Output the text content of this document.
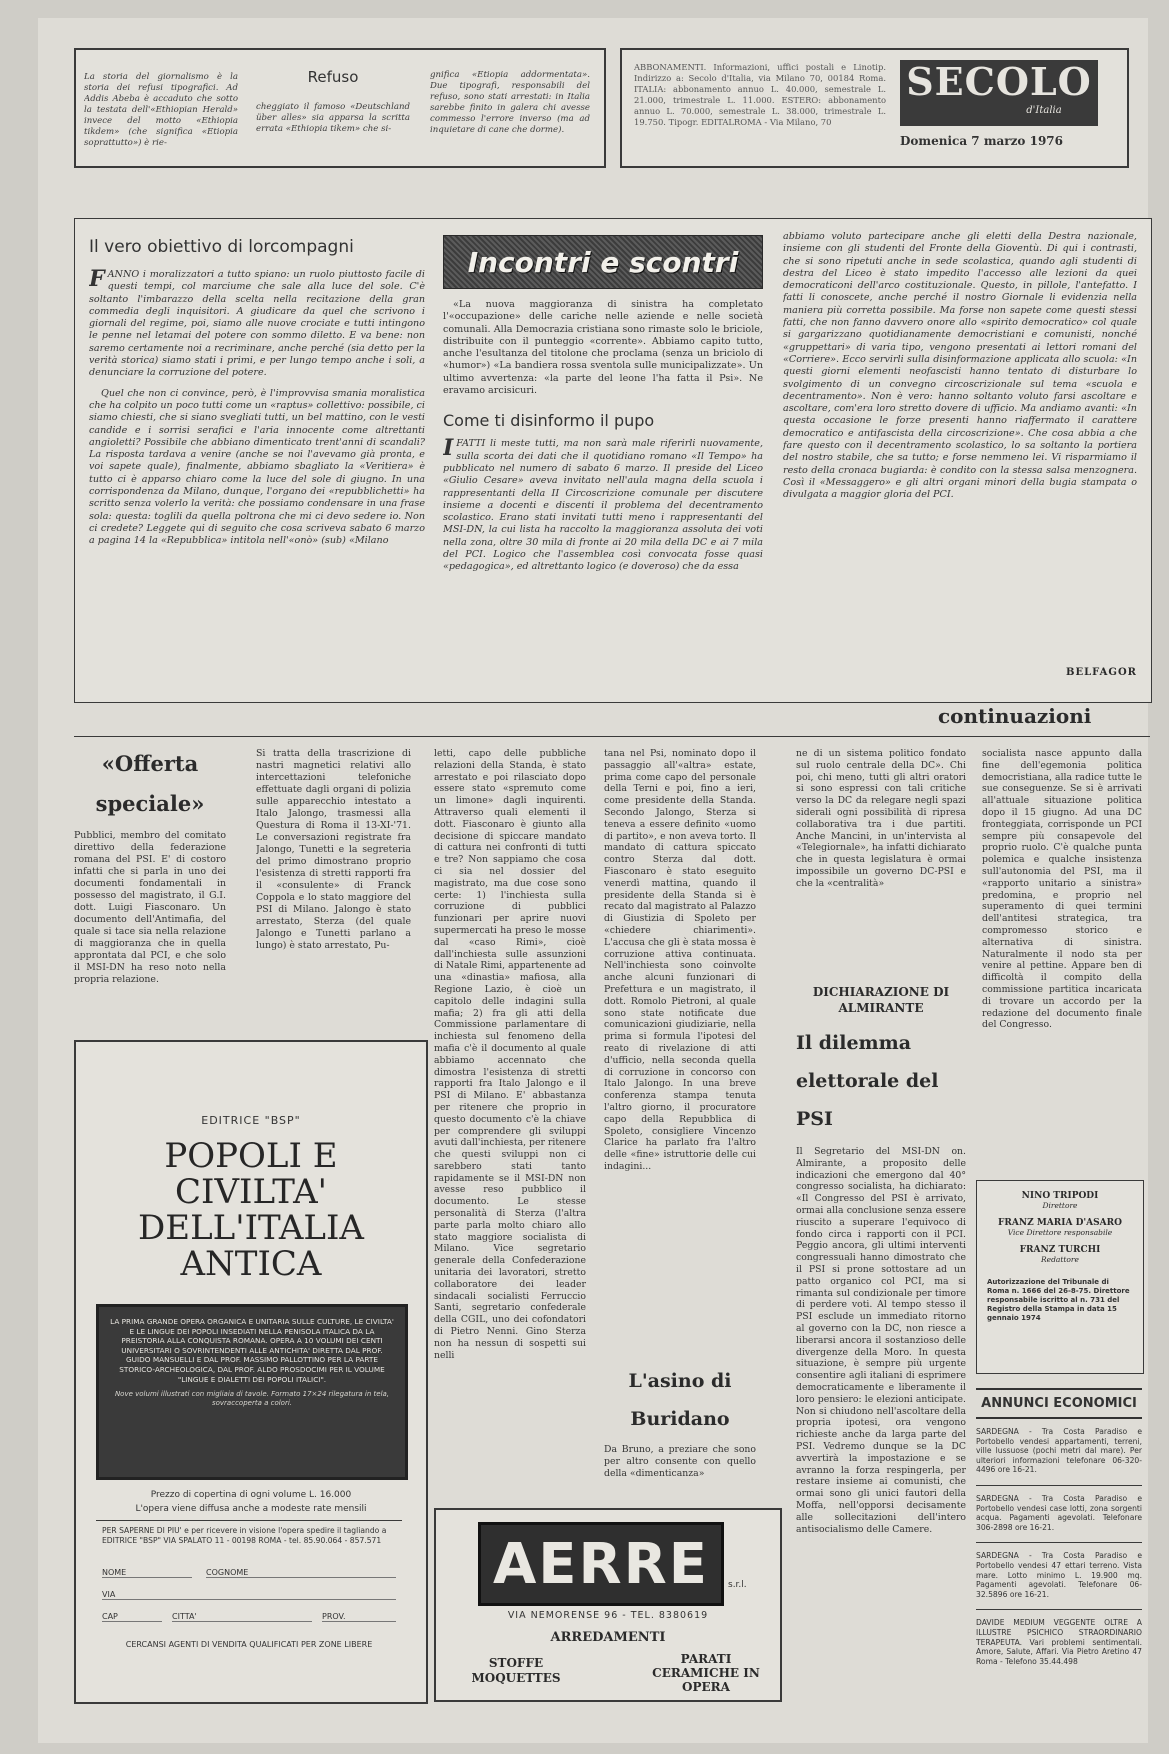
La storia del giornalismo è la storia dei refusi tipografici. Ad Addis Abeba è accaduto che sotto la testata dell'«Ethiopian Herald» invece del motto «Ethiopia tikdem» (che significa «Etiopia soprattutto») è rie-
Refuso
cheggiato il famoso «Deutschland über alles» sia apparsa la scritta errata «Ethiopia tikem» che si-
gnifica «Etiopia addormentata». Due tipografi, responsabili del refuso, sono stati arrestati: in Italia sarebbe finito in galera chi avesse commesso l'errore inverso (ma ad inquietare di cane che dorme).
ABBONAMENTI. Informazioni, uffici postali e Linotip. Indirizzo a: Secolo d'Italia, via Milano 70, 00184 Roma. ITALIA: abbonamento annuo L. 40.000, semestrale L. 21.000, trimestrale L. 11.000. ESTERO: abbonamento annuo L. 70.000, semestrale L. 38.000, trimestrale L. 19.750. Tipogr. EDITALROMA - Via Milano, 70
SECOLO
d'Italia
Domenica 7 marzo 1976
Il vero obiettivo di lorcompagni
FANNO i moralizzatori a tutto spiano: un ruolo piuttosto facile di questi tempi, col marciume che sale alla luce del sole. C'è soltanto l'imbarazzo della scelta nella recitazione della gran commedia degli inquisitori. A giudicare da quel che scrivono i giornali del regime, poi, siamo alle nuove crociate e tutti intingono le penne nel letamai del potere con sommo diletto. E va bene: non saremo certamente noi a recriminare, anche perché (sia detto per la verità storica) siamo stati i primi, e per lungo tempo anche i soli, a denunciare la corruzione del potere.
Quel che non ci convince, però, è l'improvvisa smania moralistica che ha colpito un poco tutti come un «raptus» collettivo: possibile, ci siamo chiesti, che si siano svegliati tutti, un bel mattino, con le vesti candide e i sorrisi serafici e l'aria innocente come altrettanti angioletti? Possibile che abbiano dimenticato trent'anni di scandali? La risposta tardava a venire (anche se noi l'avevamo già pronta, e voi sapete quale), finalmente, abbiamo sbagliato la «Veritiera» è tutto ci è apparso chiaro come la luce del sole di giugno. In una corrispondenza da Milano, dunque, l'organo dei «repubblichetti» ha scritto senza volerlo la verità: che possiamo condensare in una frase sola: questa: toglili da quella poltrona che mi ci devo sedere io. Non ci credete? Leggete qui di seguito che cosa scriveva sabato 6 marzo a pagina 14 la «Repubblica» intitola nell'«onò» (sub) «Milano
Incontri e scontri
«La nuova maggioranza di sinistra ha completato l'«occupazione» delle cariche nelle aziende e nelle società comunali. Alla Democrazia cristiana sono rimaste solo le briciole, distribuite con il punteggio «corrente». Abbiamo capito tutto, anche l'esultanza del titolone che proclama (senza un briciolo di «humor») «La bandiera rossa sventola sulle municipalizzate». Un ultimo avvertenza: «la parte del leone l'ha fatta il Psi». Ne eravamo arcisicuri.
Come ti disinformo il pupo
IFATTI li meste tutti, ma non sarà male riferirli nuovamente, sulla scorta dei dati che il quotidiano romano «Il Tempo» ha pubblicato nel numero di sabato 6 marzo. Il preside del Liceo «Giulio Cesare» aveva invitato nell'aula magna della scuola i rappresentanti della II Circoscrizione comunale per discutere insieme a docenti e discenti il problema del decentramento scolastico. Erano stati invitati tutti meno i rappresentanti del MSI-DN, la cui lista ha raccolto la maggioranza assoluta dei voti nella zona, oltre 30 mila di fronte ai 20 mila della DC e ai 7 mila del PCI. Logico che l'assemblea così convocata fosse quasi «pedagogica», ed altrettanto logico (e doveroso) che da essa
abbiamo voluto partecipare anche gli eletti della Destra nazionale, insieme con gli studenti del Fronte della Gioventù. Di qui i contrasti, che si sono ripetuti anche in sede scolastica, quando agli studenti di destra del Liceo è stato impedito l'accesso alle lezioni da quei democraticoni dell'arco costituzionale. Questo, in pillole, l'antefatto. I fatti li conoscete, anche perché il nostro Giornale li evidenzia nella maniera più corretta possibile. Ma forse non sapete come questi stessi fatti, che non fanno davvero onore allo «spirito democratico» col quale si gargarizzano quotidianamente democristiani e comunisti, nonché «gruppettari» di varia tipo, vengono presentati ai lettori romani del «Corriere». Ecco servirli sulla disinformazione applicata allo scuola: «In questi giorni elementi neofascisti hanno tentato di disturbare lo svolgimento di un convegno circoscrizionale sul tema «scuola e decentramento». Non è vero: hanno soltanto voluto farsi ascoltare e ascoltare, com'era loro stretto dovere di ufficio. Ma andiamo avanti: «In questa occasione le forze presenti hanno riaffermato il carattere democratico e antifascista della circoscrizione». Che cosa abbia a che fare questo con il decentramento scolastico, lo sa soltanto la portiera del nostro stabile, che sa tutto; e forse nemmeno lei. Vi risparmiamo il resto della cronaca bugiarda: è condito con la stessa salsa menzognera. Così il «Messaggero» e gli altri organi minori della bugia stampata o divulgata a maggior gloria del PCI.
BELFAGOR
continuazioni
«Offerta speciale»
Pubblici, membro del comitato direttivo della federazione romana del PSI. E' di costoro infatti che si parla in uno dei documenti fondamentali in possesso del magistrato, il G.I. dott. Luigi Fiasconaro. Un documento dell'Antimafia, del quale si tace sia nella relazione di maggioranza che in quella approntata dal PCI, e che solo il MSI-DN ha reso noto nella propria relazione.
Si tratta della trascrizione di nastri magnetici relativi allo intercettazioni telefoniche effettuate dagli organi di polizia sulle apparecchio intestato a Italo Jalongo, trasmessi alla Questura di Roma il 13-XI-'71. Le conversazioni registrate fra Jalongo, Tunetti e la segreteria del primo dimostrano proprio l'esistenza di stretti rapporti fra il «consulente» di Franck Coppola e lo stato maggiore del PSI di Milano. Jalongo è stato arrestato, Sterza (del quale Jalongo e Tunetti parlano a lungo) è stato arrestato, Pu-
EDITRICE "BSP"
POPOLI E CIVILTA' DELL'ITALIA ANTICA
LA PRIMA GRANDE OPERA ORGANICA E UNITARIA SULLE CULTURE, LE CIVILTA' E LE LINGUE DEI POPOLI INSEDIATI NELLA PENISOLA ITALICA DA LA PREISTORIA ALLA CONQUISTA ROMANA. OPERA A 10 VOLUMI DEI CENTI UNIVERSITARI O SOVRINTENDENTI ALLE ANTICHITA' DIRETTA DAL PROF. GUIDO MANSUELLI E DAL PROF. MASSIMO PALLOTTINO PER LA PARTE STORICO-ARCHEOLOGICA, DAL PROF. ALDO PROSDOCIMI PER IL VOLUME "LINGUE E DIALETTI DEI POPOLI ITALICI".
Nove volumi illustrati con migliaia di tavole. Formato 17×24 rilegatura in tela, sovraccoperta a colori.
Prezzo di copertina di ogni volume L. 16.000
L'opera viene diffusa anche a modeste rate mensili
PER SAPERNE DI PIU' e per ricevere in visione l'opera spedire il tagliando a EDITRICE "BSP" VIA SPALATO 11 - 00198 ROMA - tel. 85.90.064 - 857.571
NOME	COGNOME
VIA
CAP	CITTA'	PROV.
CERCANSI AGENTI DI VENDITA QUALIFICATI PER ZONE LIBERE
letti, capo delle pubbliche relazioni della Standa, è stato arrestato e poi rilasciato dopo essere stato «spremuto come un limone» dagli inquirenti. Attraverso quali elementi il dott. Fiasconaro è giunto alla decisione di spiccare mandato di cattura nei confronti di tutti e tre? Non sappiamo che cosa ci sia nel dossier del magistrato, ma due cose sono certe: 1) l'inchiesta sulla corruzione di pubblici funzionari per aprire nuovi supermercati ha preso le mosse dal «caso Rimi», cioè dall'inchiesta sulle assunzioni di Natale Rimi, appartenente ad una «dinastia» mafiosa, alla Regione Lazio, è cioè un capitolo delle indagini sulla mafia; 2) fra gli atti della Commissione parlamentare di inchiesta sul fenomeno della mafia c'è il documento al quale abbiamo accennato che dimostra l'esistenza di stretti rapporti fra Italo Jalongo e il PSI di Milano. E' abbastanza per ritenere che proprio in questo documento c'è la chiave per comprendere gli sviluppi avuti dall'inchiesta, per ritenere che questi sviluppi non ci sarebbero stati tanto rapidamente se il MSI-DN non avesse reso pubblico il documento. Le stesse personalità di Sterza (l'altra parte parla molto chiaro allo stato maggiore socialista di Milano. Vice segretario generale della Confederazione unitaria dei lavoratori, stretto collaboratore dei leader sindacali socialisti Ferruccio Santi, segretario confederale della CGIL, uno dei cofondatori di Pietro Nenni. Gino Sterza non ha nessun di sospetti sui nelli
tana nel Psi, nominato dopo il passaggio all'«altra» estate, prima come capo del personale della Terni e poi, fino a ieri, come presidente della Standa. Secondo Jalongo, Sterza si teneva a essere definito «uomo di partito», e non aveva torto. Il mandato di cattura spiccato contro Sterza dal dott. Fiasconaro è stato eseguito venerdì mattina, quando il presidente della Standa si è recato dal magistrato al Palazzo di Giustizia di Spoleto per «chiedere chiarimenti». L'accusa che gli è stata mossa è corruzione attiva continuata. Nell'inchiesta sono coinvolte anche alcuni funzionari di Prefettura e un magistrato, il dott. Romolo Pietroni, al quale sono state notificate due comunicazioni giudiziarie, nella prima si formula l'ipotesi del reato di rivelazione di atti d'ufficio, nella seconda quella di corruzione in concorso con Italo Jalongo. In una breve conferenza stampa tenuta l'altro giorno, il procuratore capo della Repubblica di Spoleto, consigliere Vincenzo Clarice ha parlato fra l'altro delle «fine» istruttorie delle cui indagini...
L'asino di Buridano
Da Bruno, a preziare che sono per altro consente con quello della «dimenticanza»
AERRE s.r.l.
VIA NEMORENSE 96 - TEL. 8380619
ARREDAMENTI
STOFFE MOQUETTES
PARATI CERAMICHE IN OPERA
ne di un sistema politico fondato sul ruolo centrale della DC». Chi poi, chi meno, tutti gli altri oratori si sono espressi con tali critiche verso la DC da relegare negli spazi siderali ogni possibilità di ripresa collaborativa tra i due partiti. Anche Mancini, in un'intervista al «Telegiornale», ha infatti dichiarato che in questa legislatura è ormai impossibile un governo DC-PSI e che la «centralità»
DICHIARAZIONE DI ALMIRANTE
Il dilemma elettorale del PSI
Il Segretario del MSI-DN on. Almirante, a proposito delle indicazioni che emergono dal 40° congresso socialista, ha dichiarato: «Il Congresso del PSI è arrivato, ormai alla conclusione senza essere riuscito a superare l'equivoco di fondo circa i rapporti con il PCI. Peggio ancora, gli ultimi interventi congressuali hanno dimostrato che il PSI si prone sottostare ad un patto organico col PCI, ma si rimanta sul condizionale per timore di perdere voti. Al tempo stesso il PSI esclude un immediato ritorno al governo con la DC, non riesce a liberarsi ancora il sostanzioso delle divergenze della Moro. In questa situazione, è sempre più urgente consentire agli italiani di esprimere democraticamente e liberamente il loro pensiero: le elezioni anticipate. Non si chiudono nell'ascoltare della propria ipotesi, ora vengono richieste anche da larga parte del PSI. Vedremo dunque se la DC avvertirà la impostazione e se avranno la forza respingerla, per restare insieme ai comunisti, che ormai sono gli unici fautori della Moffa, nell'opporsi decisamente alle sollecitazioni dell'intero antisocialismo delle Camere.
socialista nasce appunto dalla fine dell'egemonia politica democristiana, alla radice tutte le sue conseguenze. Se si è arrivati all'attuale situazione politica dopo il 15 giugno. Ad una DC fronteggiata, corrisponde un PCI sempre più consapevole del proprio ruolo. C'è qualche punta polemica e qualche insistenza sull'autonomia del PSI, ma il «rapporto unitario a sinistra» predomina, e proprio nel superamento di quei termini dell'antitesi strategica, tra compromesso storico e alternativa di sinistra. Naturalmente il nodo sta per venire al pettine. Appare ben di difficoltà il compito della commissione partitica incaricata di trovare un accordo per la redazione del documento finale del Congresso.
NINO TRIPODI
Direttore
FRANZ MARIA D'ASARO
Vice Direttore responsabile
FRANZ TURCHI
Redattore
Autorizzazione del Tribunale di Roma n. 1666 del 26-8-75. Direttore responsabile iscritto al n. 731 del Registro della Stampa in data 15 gennaio 1974
ANNUNCI ECONOMICI
SARDEGNA - Tra Costa Paradiso e Portobello vendesi appartamenti, terreni, ville lussuose (pochi metri dal mare). Per ulteriori informazioni telefonare 06-320-4496 ore 16-21.
SARDEGNA - Tra Costa Paradiso e Portobello vendesi case lotti, zona sorgenti acqua. Pagamenti agevolati. Telefonare 306-2898 ore 16-21.
SARDEGNA - Tra Costa Paradiso e Portobello vendesi 47 ettari terreno. Vista mare. Lotto minimo L. 19.900 mq. Pagamenti agevolati. Telefonare 06-32.5896 ore 16-21.
DAVIDE MEDIUM VEGGENTE OLTRE A ILLUSTRE PSICHICO STRAORDINARIO TERAPEUTA. Vari problemi sentimentali. Amore, Salute, Affari. Via Pietro Aretino 47 Roma - Telefono 35.44.498
